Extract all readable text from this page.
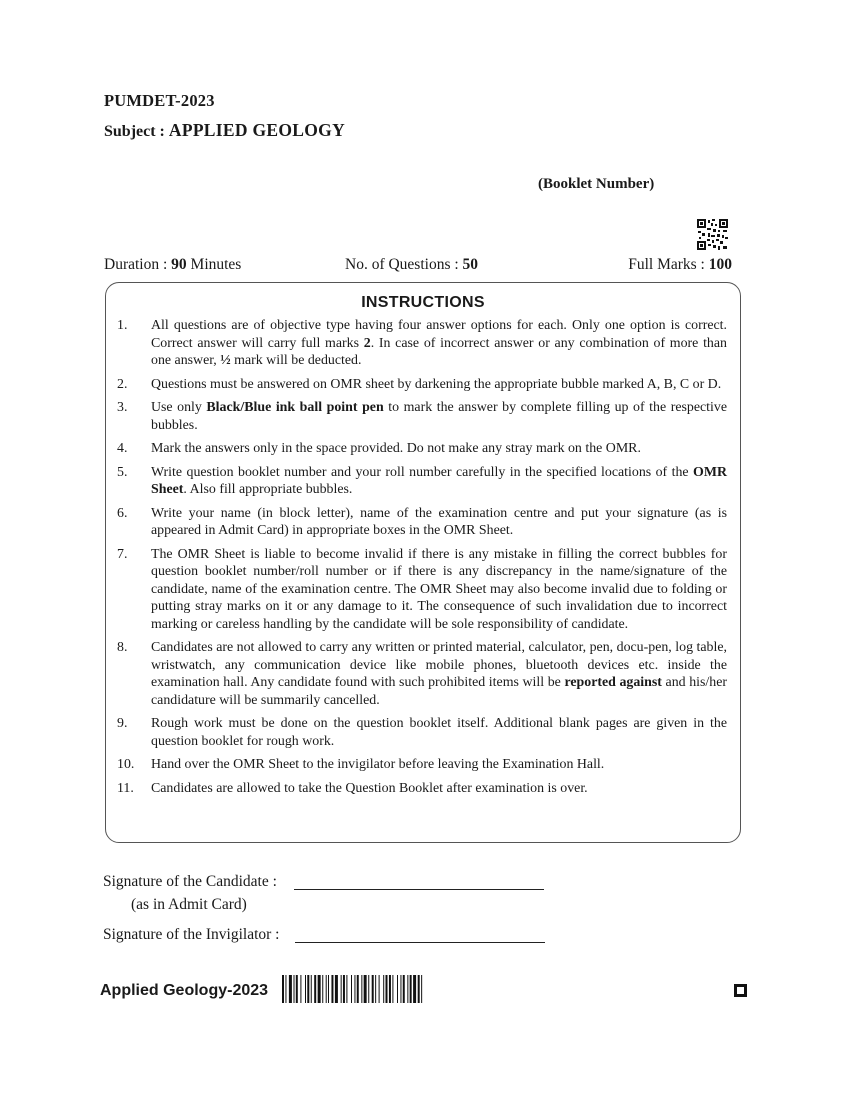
PUMDET-2023
Subject : APPLIED GEOLOGY
(Booklet Number)
Duration : 90 Minutes	No. of Questions : 50	Full Marks : 100
INSTRUCTIONS
1.	All questions are of objective type having four answer options for each. Only one option is correct. Correct answer will carry full marks 2. In case of incorrect answer or any combination of more than one answer, ½ mark will be deducted.
2.	Questions must be answered on OMR sheet by darkening the appropriate bubble marked A, B, C or D.
3.	Use only Black/Blue ink ball point pen to mark the answer by complete filling up of the respective bubbles.
4.	Mark the answers only in the space provided. Do not make any stray mark on the OMR.
5.	Write question booklet number and your roll number carefully in the specified locations of the OMR Sheet. Also fill appropriate bubbles.
6.	Write your name (in block letter), name of the examination centre and put your signature (as is appeared in Admit Card) in appropriate boxes in the OMR Sheet.
7.	The OMR Sheet is liable to become invalid if there is any mistake in filling the correct bubbles for question booklet number/roll number or if there is any discrepancy in the name/signature of the candidate, name of the examination centre. The OMR Sheet may also become invalid due to folding or putting stray marks on it or any damage to it. The consequence of such invalidation due to incorrect marking or careless handling by the candidate will be sole responsibility of candidate.
8.	Candidates are not allowed to carry any written or printed material, calculator, pen, docu-pen, log table, wristwatch, any communication device like mobile phones, bluetooth devices etc. inside the examination hall. Any candidate found with such prohibited items will be reported against and his/her candidature will be summarily cancelled.
9.	Rough work must be done on the question booklet itself. Additional blank pages are given in the question booklet for rough work.
10.	Hand over the OMR Sheet to the invigilator before leaving the Examination Hall.
11.	Candidates are allowed to take the Question Booklet after examination is over.
Signature of the Candidate :
(as in Admit Card)
Signature of the Invigilator :
Applied Geology-2023
